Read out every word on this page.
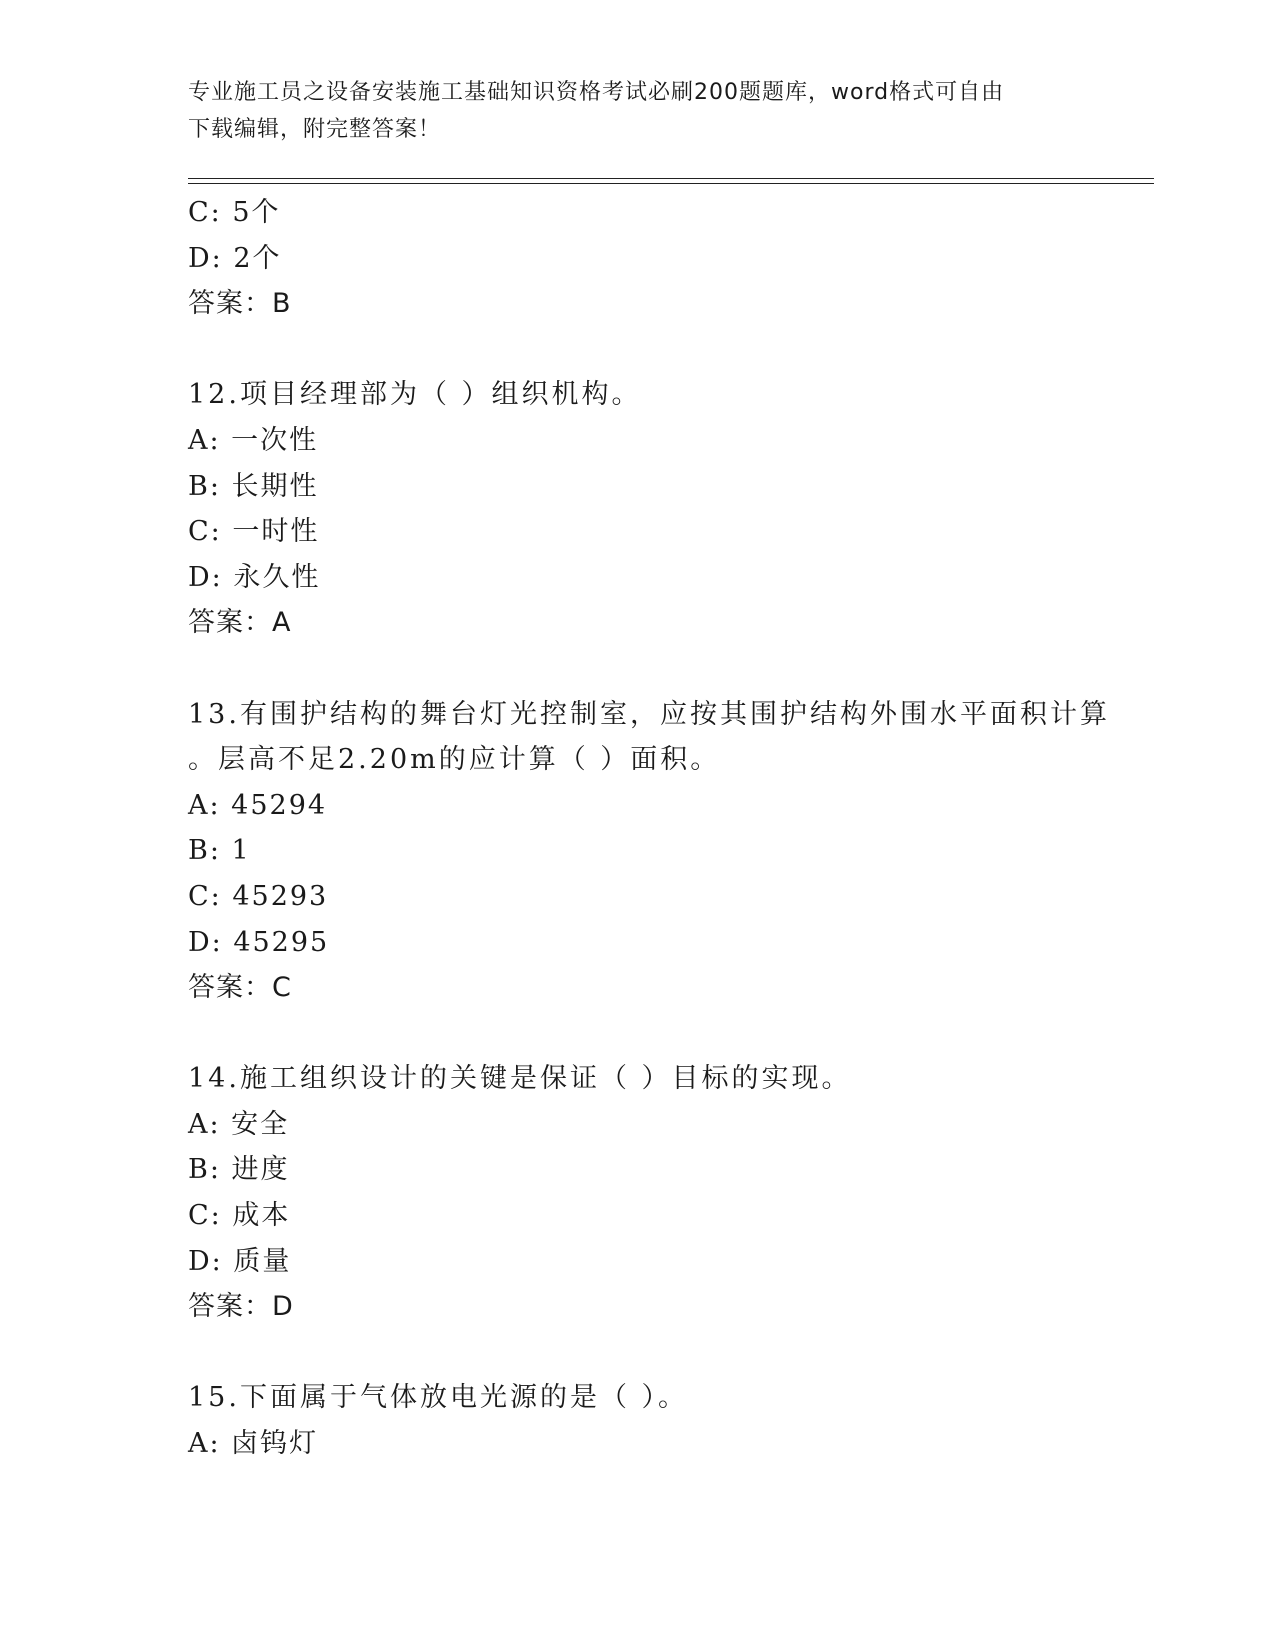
专业施工员之设备安装施工基础知识资格考试必刷200题题库，word格式可自由
下载编辑，附完整答案！
C: 5个
D: 2个
答案：B
12.项目经理部为（ ）组织机构。
A: 一次性
B: 长期性
C: 一时性
D: 永久性
答案：A
13.有围护结构的舞台灯光控制室，应按其围护结构外围水平面积计算
。层高不足2.20m的应计算（ ）面积。
A: 45294
B: 1
C: 45293
D: 45295
答案：C
14.施工组织设计的关键是保证（ ）目标的实现。
A: 安全
B: 进度
C: 成本
D: 质量
答案：D
15.下面属于气体放电光源的是（ ）。
A: 卤钨灯
